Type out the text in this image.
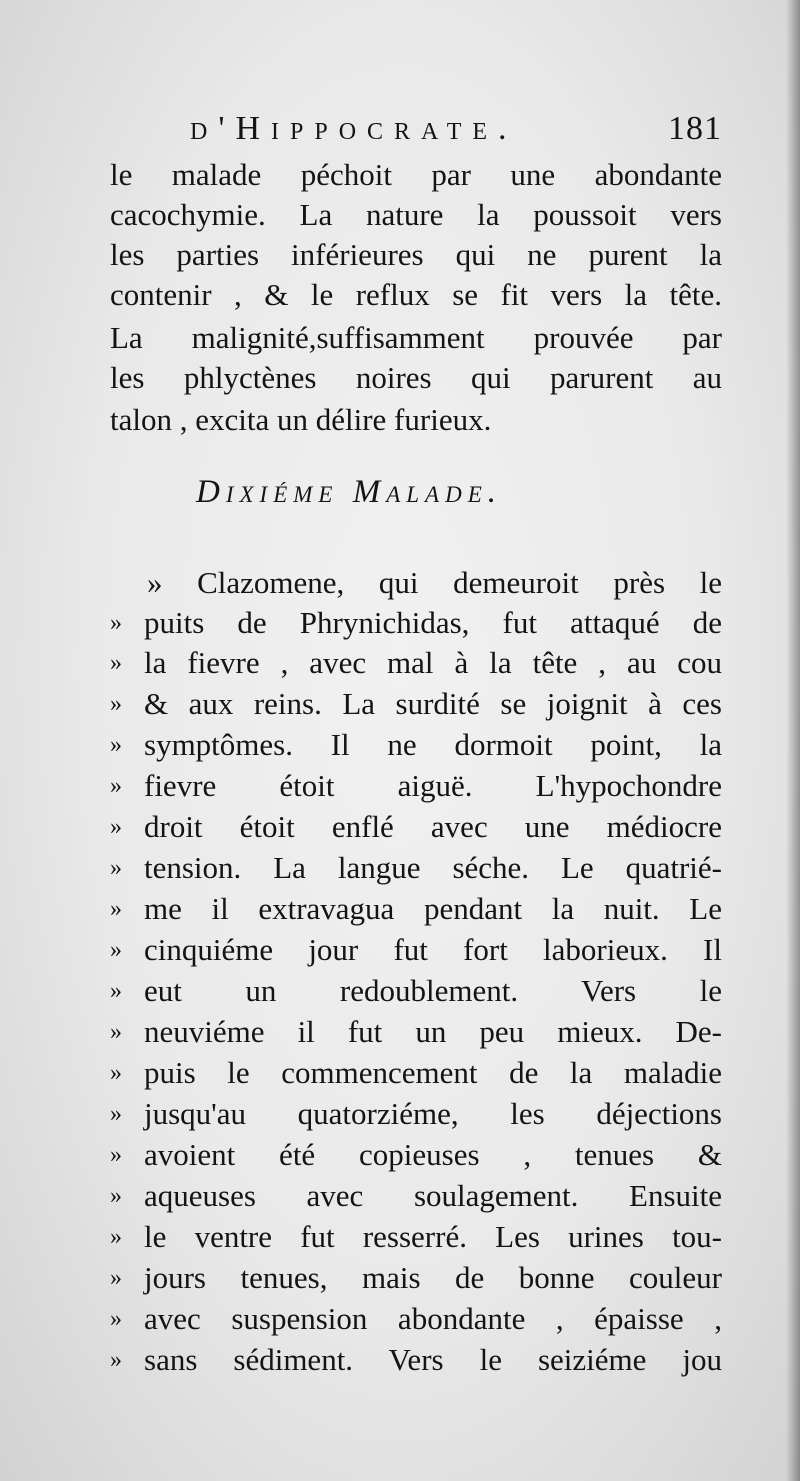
d'Hippocrate.	181
le malade péchoit par une abondante
cacochymie. La nature la poussoit vers
les parties inférieures qui ne purent la
contenir , & le reflux se fit vers la tête.
La malignité,suffisamment prouvée par
les phlyctènes noires qui parurent au
talon , excita un délire furieux.
Dixiéme Malade.
» Clazomene, qui demeuroit près le
» puits de Phrynichidas, fut attaqué de
» la fievre , avec mal à la tête , au cou
» & aux reins. La surdité se joignit à ces
» symptômes. Il ne dormoit point, la
» fievre étoit aiguë. L'hypochondre
» droit étoit enflé avec une médiocre
» tension. La langue séche. Le quatrié-
» me il extravagua pendant la nuit. Le
» cinquiéme jour fut fort laborieux. Il
» eut un redoublement. Vers le
» neuviéme il fut un peu mieux. De-
» puis le commencement de la maladie
» jusqu'au quatorziéme, les déjections
» avoient été copieuses , tenues &
» aqueuses avec soulagement. Ensuite
» le ventre fut resserré. Les urines tou-
» jours tenues, mais de bonne couleur
» avec suspension abondante , épaisse ,
» sans sédiment. Vers le seiziéme jou
